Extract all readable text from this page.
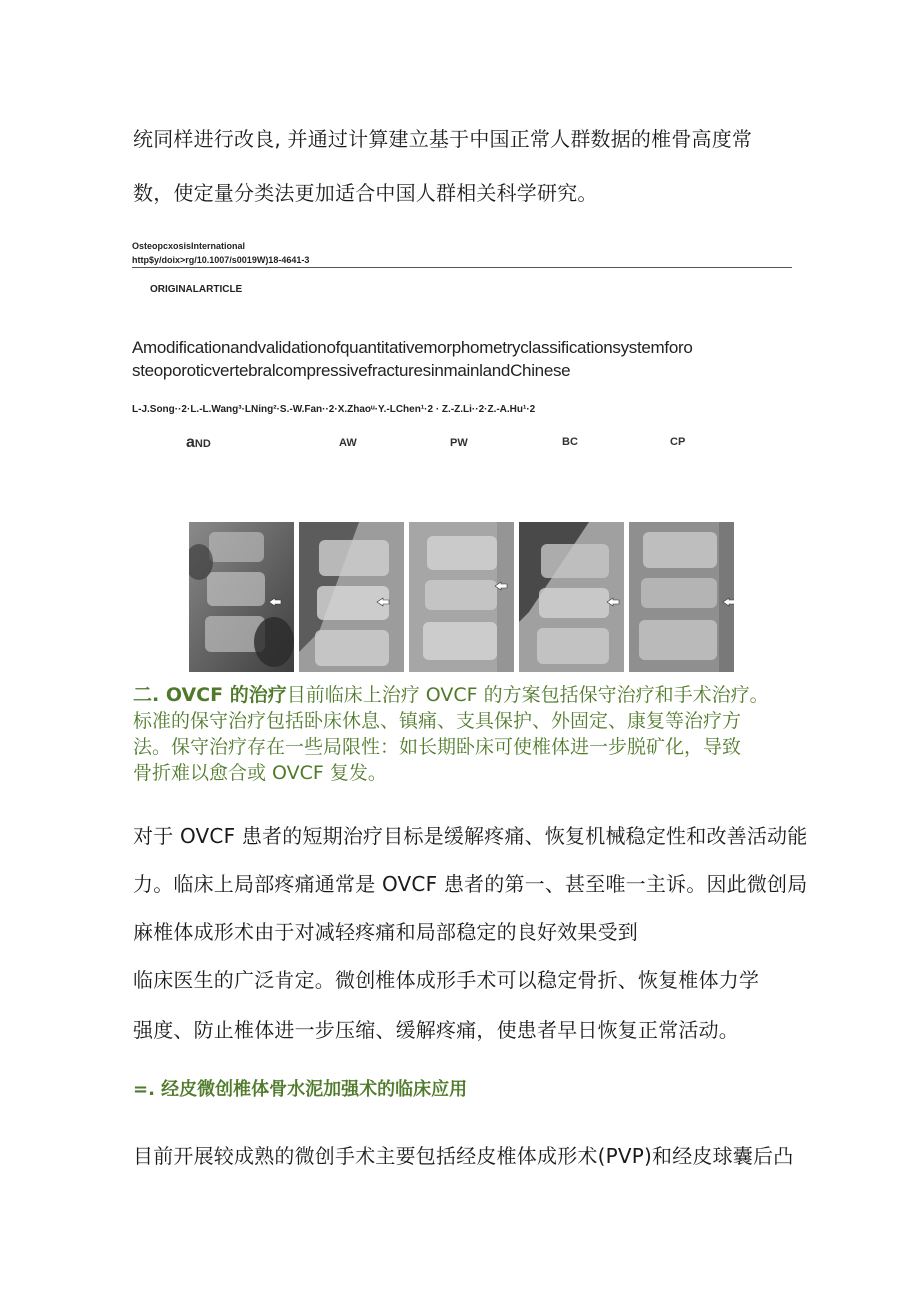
统同样进行改良, 并通过计算建立基于中国正常人群数据的椎骨高度常
数，使定量分类法更加适合中国人群相关科学研究。
OsteopcxosisInternational
http$y/doix>rg/10.1007/s0019W)18-4641-3
ORIGINALARTICLE
Amodificationandvalidationofquantitativemorphometryclassificationsystemforo
steoporoticvertebralcompressivefracturesinmainlandChinese
L-J.Song··2·L.-L.Wang³·LNing²·S.-W.Fan··2·X.Zhaoᵘ·Y.-LChen¹·2 · Z.-Z.Li··2·Z.-A.Hu¹·2
aND	AW	PW	BC	CP
二. OVCF 的治疗目前临床上治疗 OVCF 的方案包括保守治疗和手术治疗。
标准的保守治疗包括卧床休息、镇痛、支具保护、外固定、康复等治疗方
法。保守治疗存在一些局限性：如长期卧床可使椎体进一步脱矿化，导致
骨折难以愈合或 OVCF 复发。
对于 OVCF 患者的短期治疗目标是缓解疼痛、恢复机械稳定性和改善活动能
力。临床上局部疼痛通常是 OVCF 患者的第一、甚至唯一主诉。因此微创局
麻椎体成形术由于对减轻疼痛和局部稳定的良好效果受到
临床医生的广泛肯定。微创椎体成形手术可以稳定骨折、恢复椎体力学
强度、防止椎体进一步压缩、缓解疼痛，使患者早日恢复正常活动。
=. 经皮微创椎体骨水泥加强术的临床应用
目前开展较成熟的微创手术主要包括经皮椎体成形术(PVP)和经皮球囊后凸
